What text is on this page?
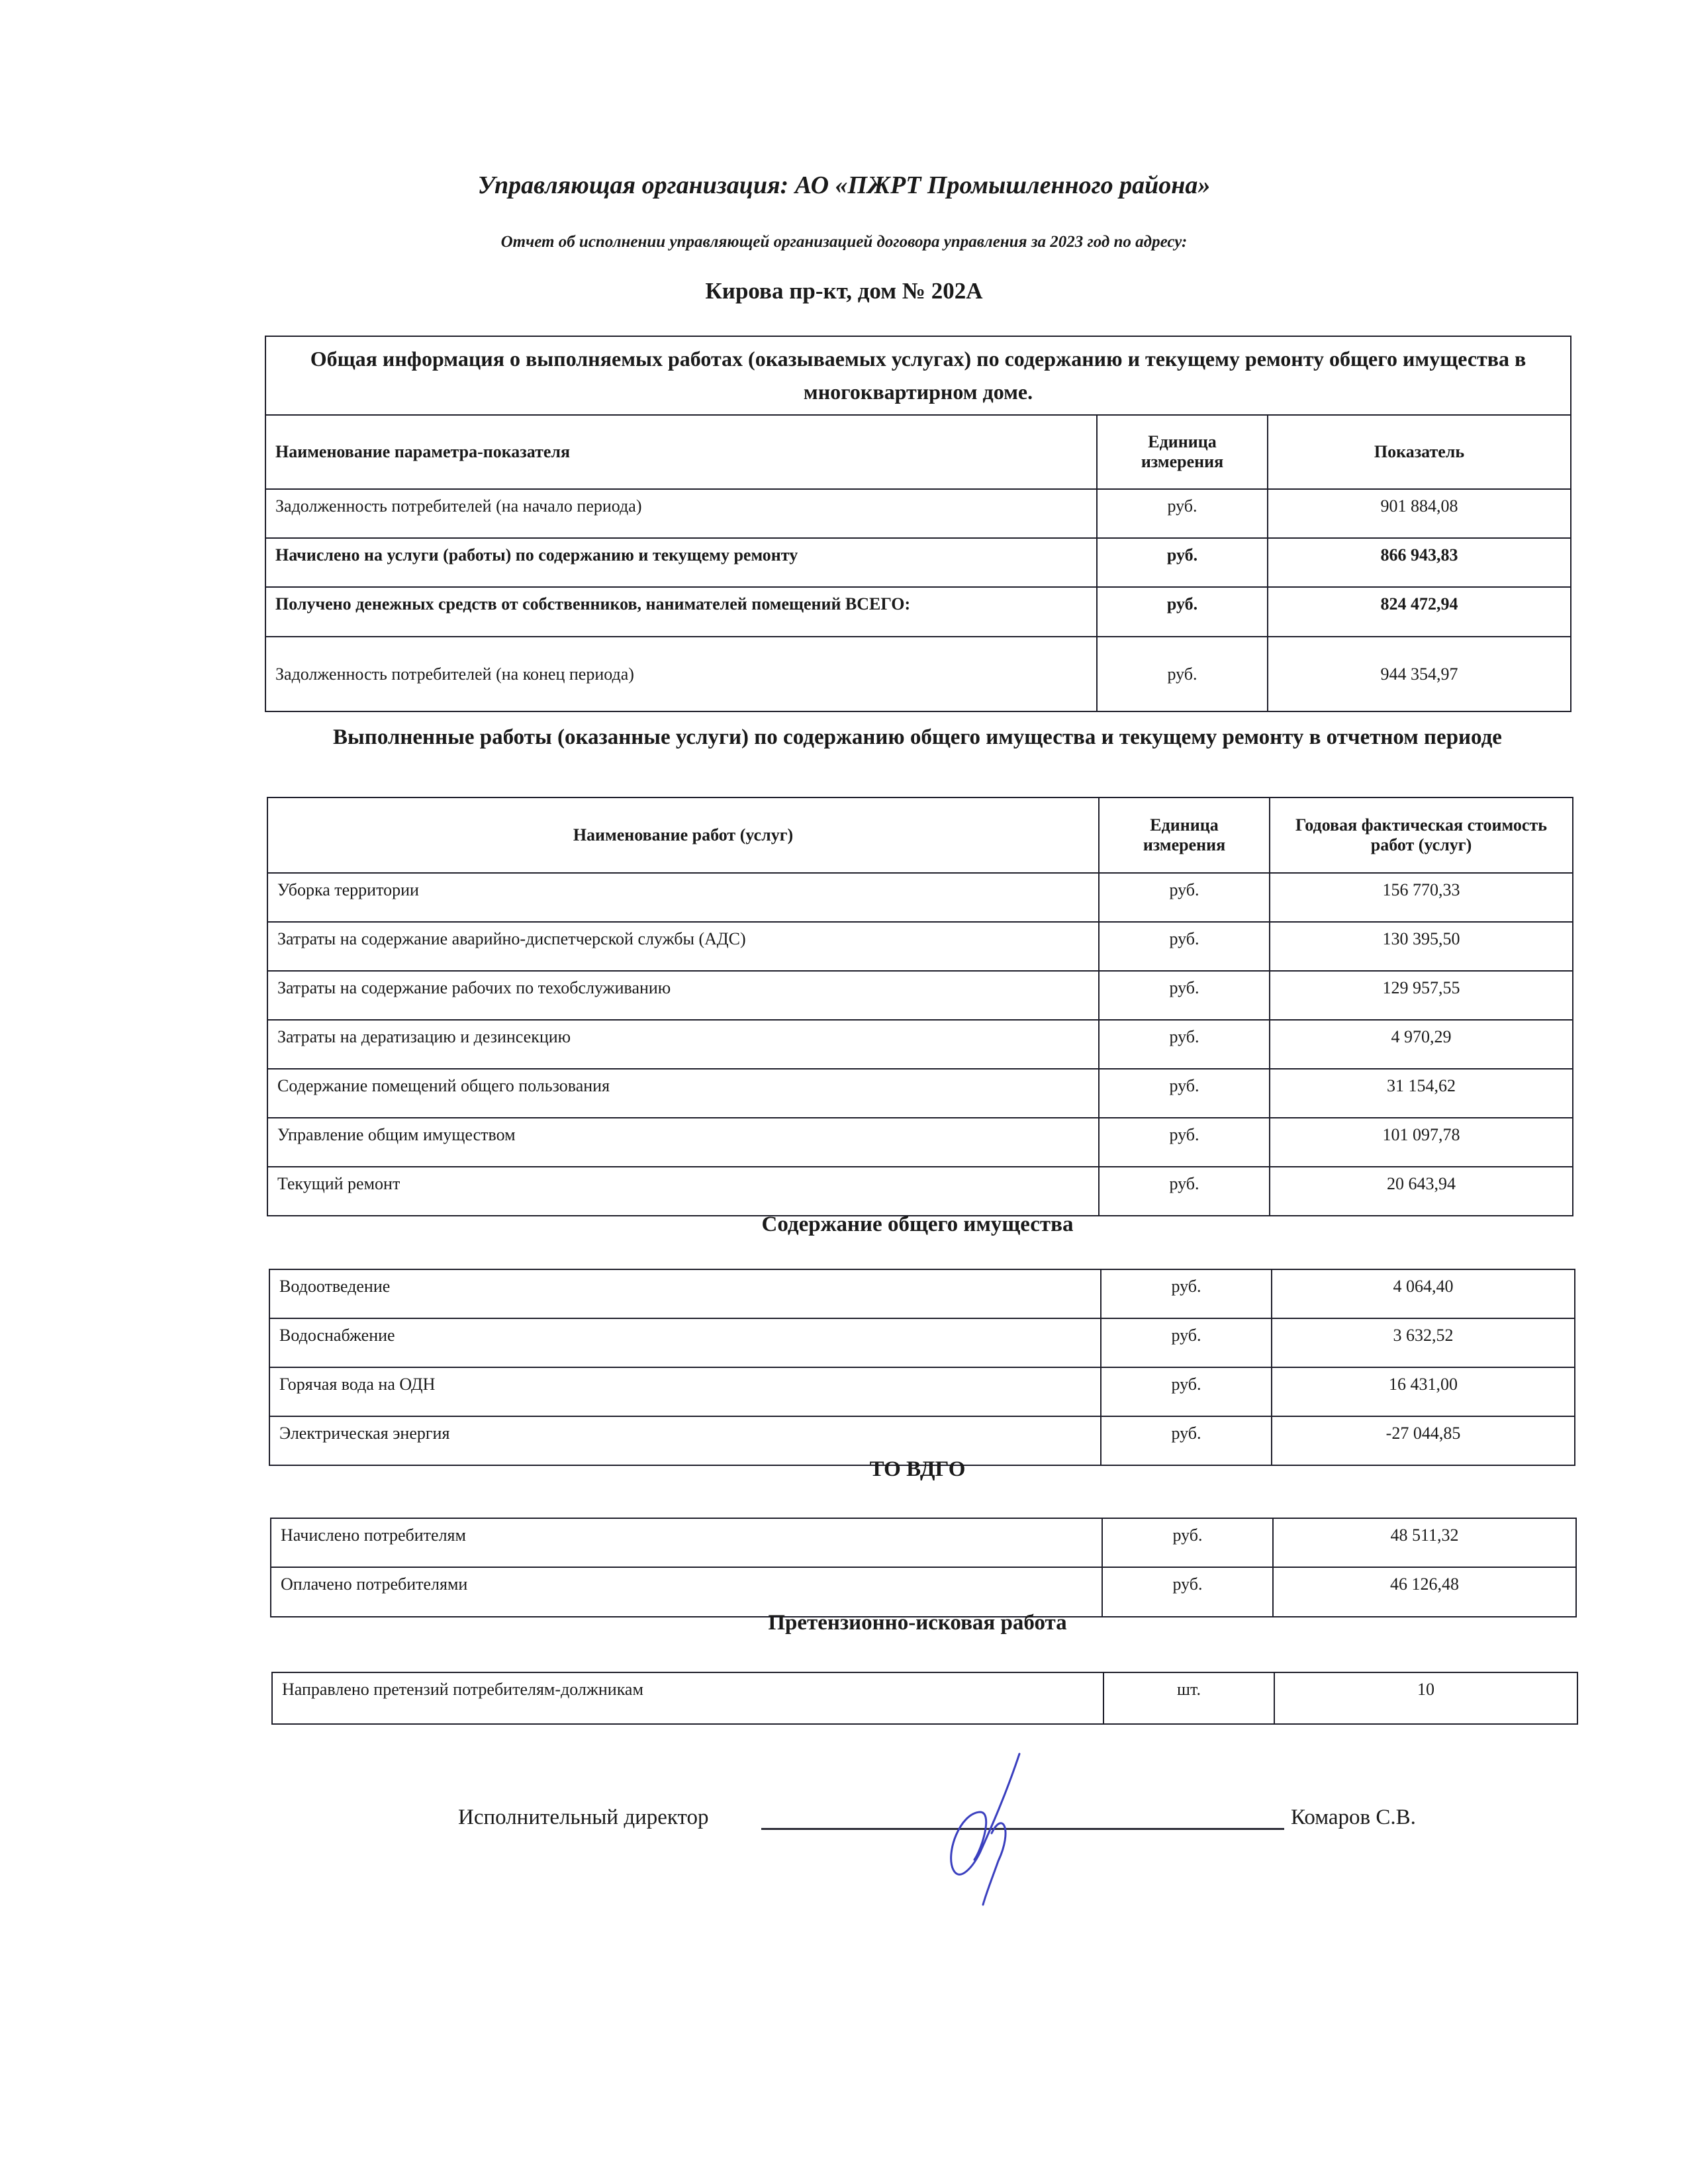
Управляющая организация: АО «ПЖРТ Промышленного района»
Отчет об исполнении управляющей организацией договора управления за 2023 год по адресу:
Кирова пр-кт, дом № 202А
Общая информация о выполняемых работах (оказываемых услугах) по содержанию и текущему ремонту общего имущества в многоквартирном доме.		
Наименование параметра-показателя	Единица измерения	Показатель
Задолженность потребителей (на начало периода)	руб.	901 884,08
Начислено на услуги (работы) по содержанию и текущему ремонту	руб.	866 943,83
Получено денежных средств от собственников, нанимателей помещений ВСЕГО:	руб.	824 472,94
Задолженность потребителей (на конец периода)	руб.	944 354,97
Выполненные работы (оказанные услуги) по содержанию общего имущества и текущему ремонту в отчетном периоде
Наименование работ (услуг)	Единица измерения	Годовая фактическая стоимость работ (услуг)
Уборка территории	руб.	156 770,33
Затраты на содержание аварийно-диспетчерской службы (АДС)	руб.	130 395,50
Затраты на содержание рабочих по техобслуживанию	руб.	129 957,55
Затраты на дератизацию и дезинсекцию	руб.	4 970,29
Содержание помещений общего пользования	руб.	31 154,62
Управление общим имуществом	руб.	101 097,78
Текущий ремонт	руб.	20 643,94
Содержание общего имущества
Водоотведение	руб.	4 064,40
Водоснабжение	руб.	3 632,52
Горячая вода на ОДН	руб.	16 431,00
Электрическая энергия	руб.	-27 044,85
ТО ВДГО
Начислено потребителям	руб.	48 511,32
Оплачено потребителями	руб.	46 126,48
Претензионно-исковая работа
Направлено претензий потребителям-должникам	шт.	10
Исполнительный директор	Комаров С.В.
